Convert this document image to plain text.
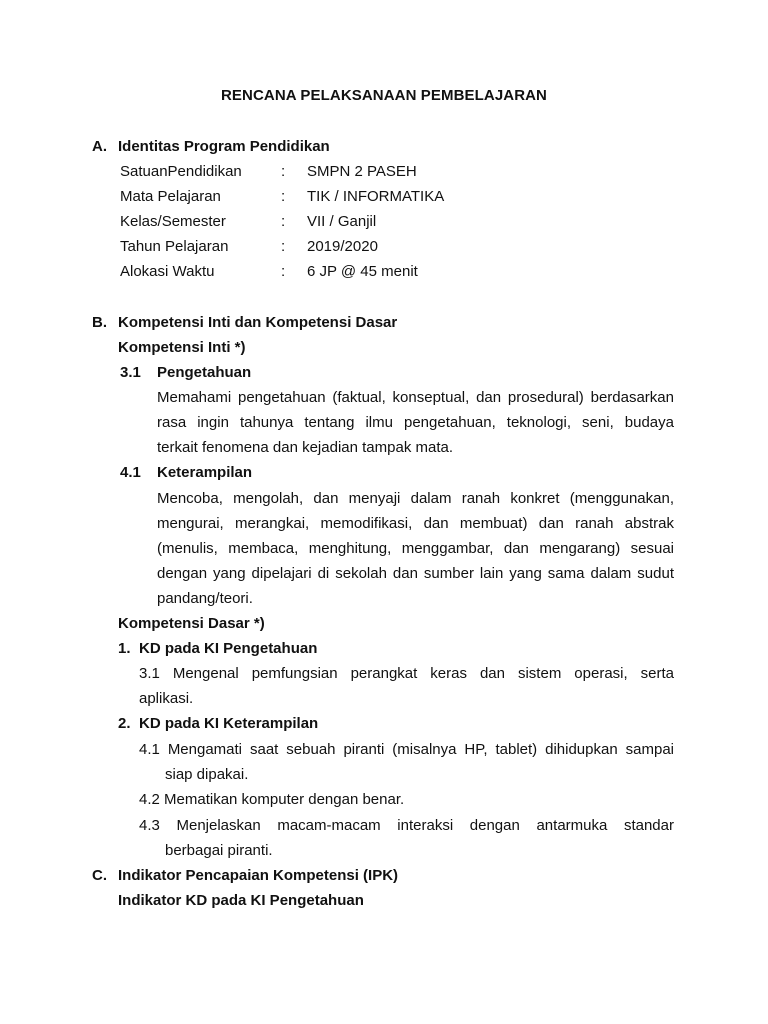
RENCANA PELAKSANAAN PEMBELAJARAN
A. Identitas Program Pendidikan
SatuanPendidikan	: SMPN 2 PASEH
Mata Pelajaran	: TIK / INFORMATIKA
Kelas/Semester	: VII / Ganjil
Tahun Pelajaran	: 2019/2020
Alokasi Waktu	: 6 JP @ 45 menit
B. Kompetensi Inti dan Kompetensi Dasar
Kompetensi Inti *)
3.1 Pengetahuan
Memahami pengetahuan (faktual, konseptual, dan prosedural) berdasarkan
rasa ingin tahunya tentang ilmu pengetahuan, teknologi, seni, budaya
terkait fenomena dan kejadian tampak mata.
4.1 Keterampilan
Mencoba, mengolah, dan menyaji dalam ranah konkret (menggunakan,
mengurai, merangkai, memodifikasi, dan membuat) dan ranah abstrak
(menulis, membaca, menghitung, menggambar, dan mengarang) sesuai
dengan yang dipelajari di sekolah dan sumber lain yang sama dalam sudut
pandang/teori.
Kompetensi Dasar *)
1. KD pada KI Pengetahuan
3.1 Mengenal pemfungsian perangkat keras dan sistem operasi, serta
aplikasi.
2. KD pada KI Keterampilan
4.1 Mengamati saat sebuah piranti (misalnya HP, tablet) dihidupkan sampai
siap dipakai.
4.2 Mematikan komputer dengan benar.
4.3 Menjelaskan macam-macam interaksi dengan antarmuka standar
berbagai piranti.
C. Indikator Pencapaian Kompetensi (IPK)
Indikator KD pada KI Pengetahuan
